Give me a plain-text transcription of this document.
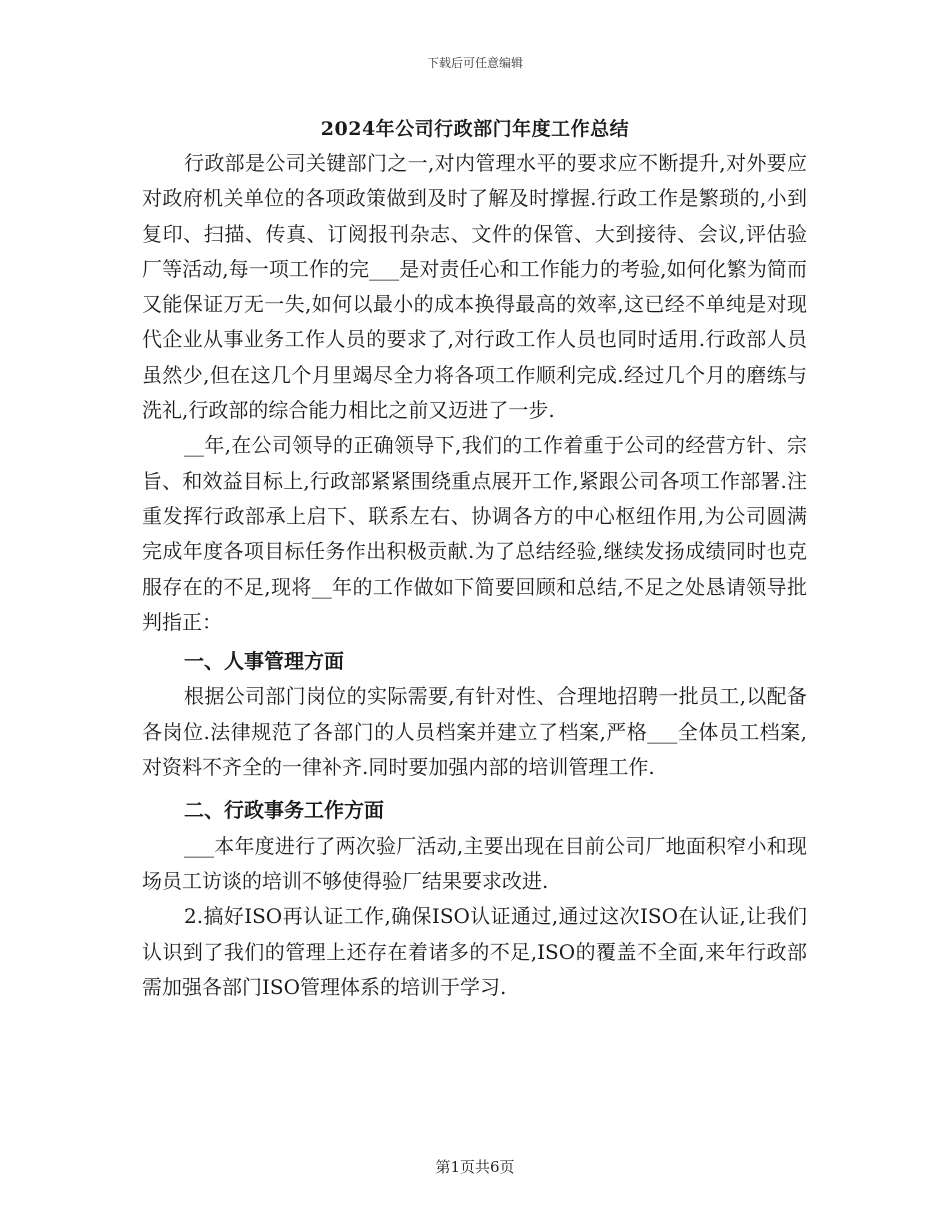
下载后可任意编辑
2024年公司行政部门年度工作总结

行政部是公司关键部门之一,对内管理水平的要求应不断提升,对外要应对政府机关单位的各项政策做到及时了解及时撑握.行政工作是繁琐的,小到复印、扫描、传真、订阅报刊杂志、文件的保管、大到接待、会议,评估验厂等活动,每一项工作的完___是对责任心和工作能力的考验,如何化繁为简而又能保证万无一失,如何以最小的成本换得最高的效率,这已经不单纯是对现代企业从事业务工作人员的要求了,对行政工作人员也同时适用.行政部人员虽然少,但在这几个月里竭尽全力将各项工作顺利完成.经过几个月的磨练与洗礼,行政部的综合能力相比之前又迈进了一步.

__年,在公司领导的正确领导下,我们的工作着重于公司的经营方针、宗旨、和效益目标上,行政部紧紧围绕重点展开工作,紧跟公司各项工作部署.注重发挥行政部承上启下、联系左右、协调各方的中心枢纽作用,为公司圆满完成年度各项目标任务作出积极贡献.为了总结经验,继续发扬成绩同时也克服存在的不足,现将__年的工作做如下简要回顾和总结,不足之处恳请领导批判指正：

一、人事管理方面

根据公司部门岗位的实际需要,有针对性、合理地招聘一批员工,以配备各岗位.法律规范了各部门的人员档案并建立了档案,严格___全体员工档案,对资料不齐全的一律补齐.同时要加强内部的培训管理工作.

二、行政事务工作方面

___本年度进行了两次验厂活动,主要出现在目前公司厂地面积窄小和现场员工访谈的培训不够使得验厂结果要求改进.

2.搞好ISO再认证工作,确保ISO认证通过,通过这次ISO在认证,让我们认识到了我们的管理上还存在着诸多的不足,ISO的覆盖不全面,来年行政部需加强各部门ISO管理体系的培训于学习.

第1页共6页
